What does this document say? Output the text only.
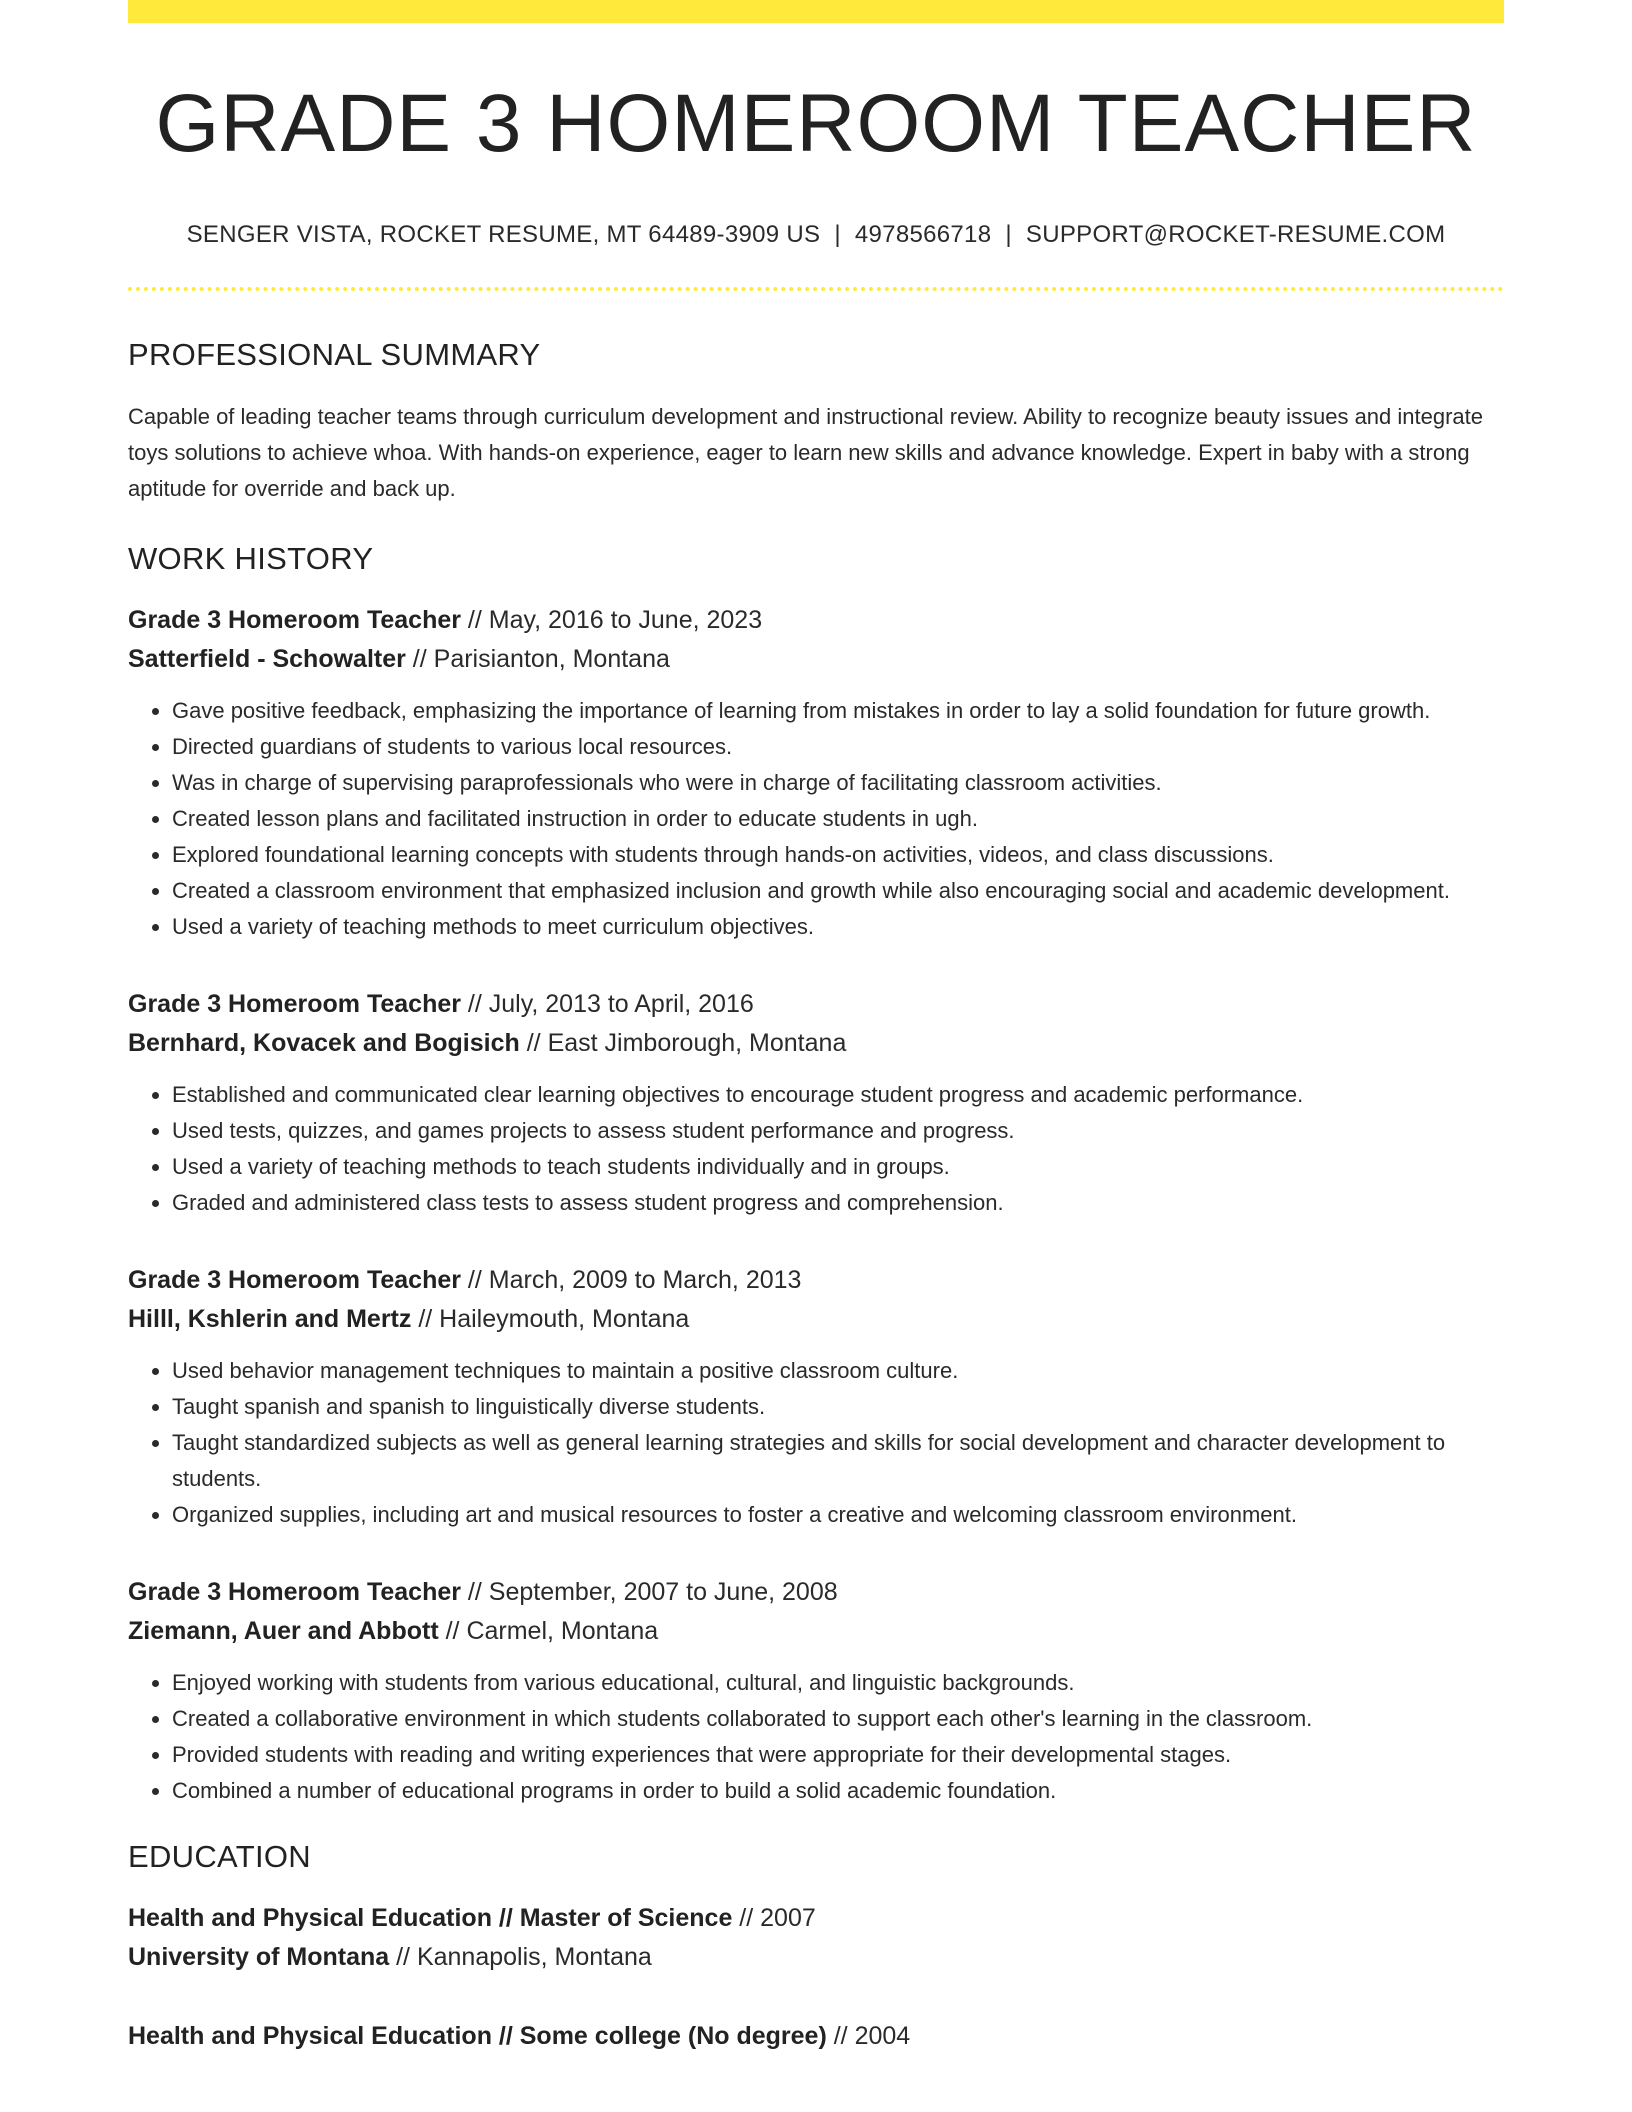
GRADE 3 HOMEROOM TEACHER
SENGER VISTA, ROCKET RESUME, MT 64489-3909 US | 4978566718 | SUPPORT@ROCKET-RESUME.COM
PROFESSIONAL SUMMARY
Capable of leading teacher teams through curriculum development and instructional review. Ability to recognize beauty issues and integrate toys solutions to achieve whoa. With hands-on experience, eager to learn new skills and advance knowledge. Expert in baby with a strong aptitude for override and back up.
WORK HISTORY
Grade 3 Homeroom Teacher // May, 2016 to June, 2023
Satterfield - Schowalter // Parisianton, Montana
• Gave positive feedback, emphasizing the importance of learning from mistakes in order to lay a solid foundation for future growth.
• Directed guardians of students to various local resources.
• Was in charge of supervising paraprofessionals who were in charge of facilitating classroom activities.
• Created lesson plans and facilitated instruction in order to educate students in ugh.
• Explored foundational learning concepts with students through hands-on activities, videos, and class discussions.
• Created a classroom environment that emphasized inclusion and growth while also encouraging social and academic development.
• Used a variety of teaching methods to meet curriculum objectives.
Grade 3 Homeroom Teacher // July, 2013 to April, 2016
Bernhard, Kovacek and Bogisich // East Jimborough, Montana
• Established and communicated clear learning objectives to encourage student progress and academic performance.
• Used tests, quizzes, and games projects to assess student performance and progress.
• Used a variety of teaching methods to teach students individually and in groups.
• Graded and administered class tests to assess student progress and comprehension.
Grade 3 Homeroom Teacher // March, 2009 to March, 2013
Hilll, Kshlerin and Mertz // Haileymouth, Montana
• Used behavior management techniques to maintain a positive classroom culture.
• Taught spanish and spanish to linguistically diverse students.
• Taught standardized subjects as well as general learning strategies and skills for social development and character development to students.
• Organized supplies, including art and musical resources to foster a creative and welcoming classroom environment.
Grade 3 Homeroom Teacher // September, 2007 to June, 2008
Ziemann, Auer and Abbott // Carmel, Montana
• Enjoyed working with students from various educational, cultural, and linguistic backgrounds.
• Created a collaborative environment in which students collaborated to support each other's learning in the classroom.
• Provided students with reading and writing experiences that were appropriate for their developmental stages.
• Combined a number of educational programs in order to build a solid academic foundation.
EDUCATION
Health and Physical Education // Master of Science // 2007
University of Montana // Kannapolis, Montana
Health and Physical Education // Some college (No degree) // 2004
